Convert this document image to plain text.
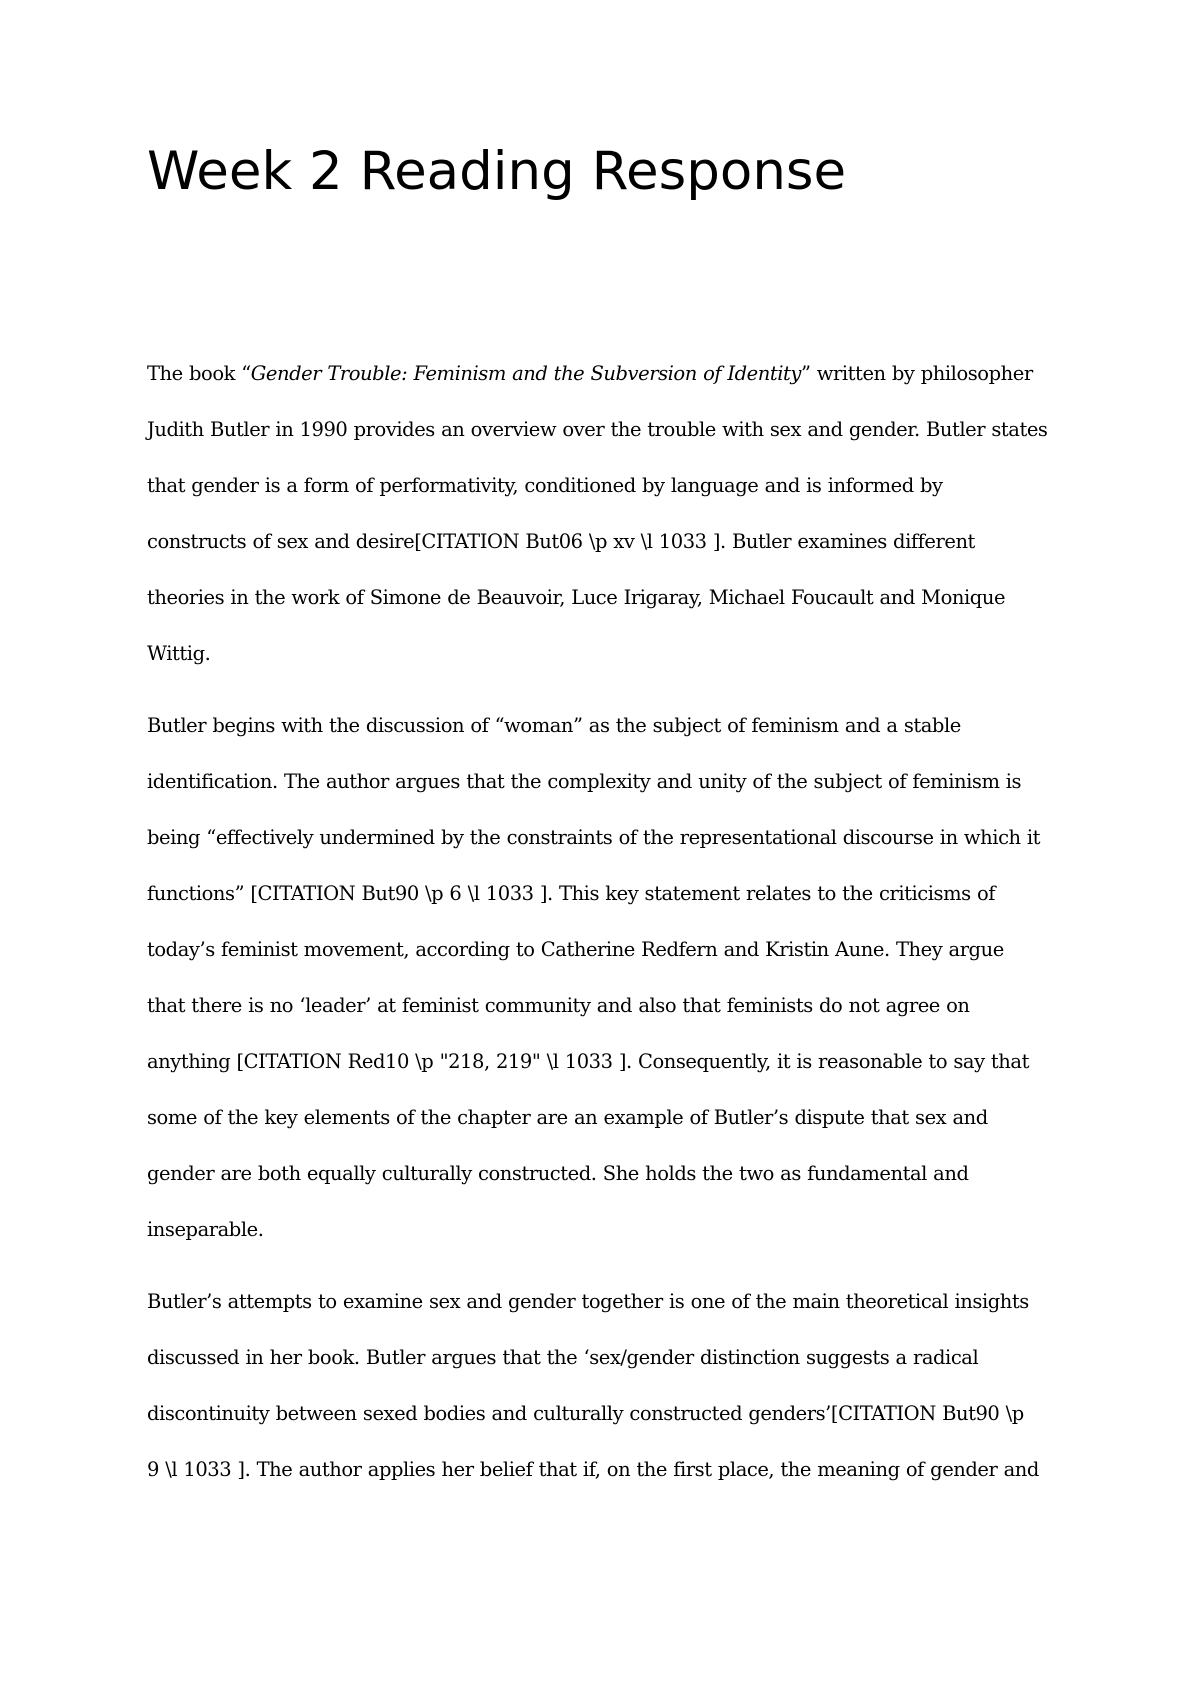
Week 2 Reading Response

The book “Gender Trouble: Feminism and the Subversion of Identity” written by philosopher
Judith Butler in 1990 provides an overview over the trouble with sex and gender. Butler states
that gender is a form of performativity, conditioned by language and is informed by
constructs of sex and desire[CITATION But06 \p xv \l 1033 ]. Butler examines different
theories in the work of Simone de Beauvoir, Luce Irigaray, Michael Foucault and Monique
Wittig.

Butler begins with the discussion of “woman” as the subject of feminism and a stable
identification. The author argues that the complexity and unity of the subject of feminism is
being “effectively undermined by the constraints of the representational discourse in which it
functions” [CITATION But90 \p 6 \l 1033 ]. This key statement relates to the criticisms of
today’s feminist movement, according to Catherine Redfern and Kristin Aune. They argue
that there is no ‘leader’ at feminist community and also that feminists do not agree on
anything [CITATION Red10 \p "218, 219" \l 1033 ]. Consequently, it is reasonable to say that
some of the key elements of the chapter are an example of Butler’s dispute that sex and
gender are both equally culturally constructed. She holds the two as fundamental and
inseparable.

Butler’s attempts to examine sex and gender together is one of the main theoretical insights
discussed in her book. Butler argues that the ‘sex/gender distinction suggests a radical
discontinuity between sexed bodies and culturally constructed genders’[CITATION But90 \p
9 \l 1033 ]. The author applies her belief that if, on the first place, the meaning of gender and
